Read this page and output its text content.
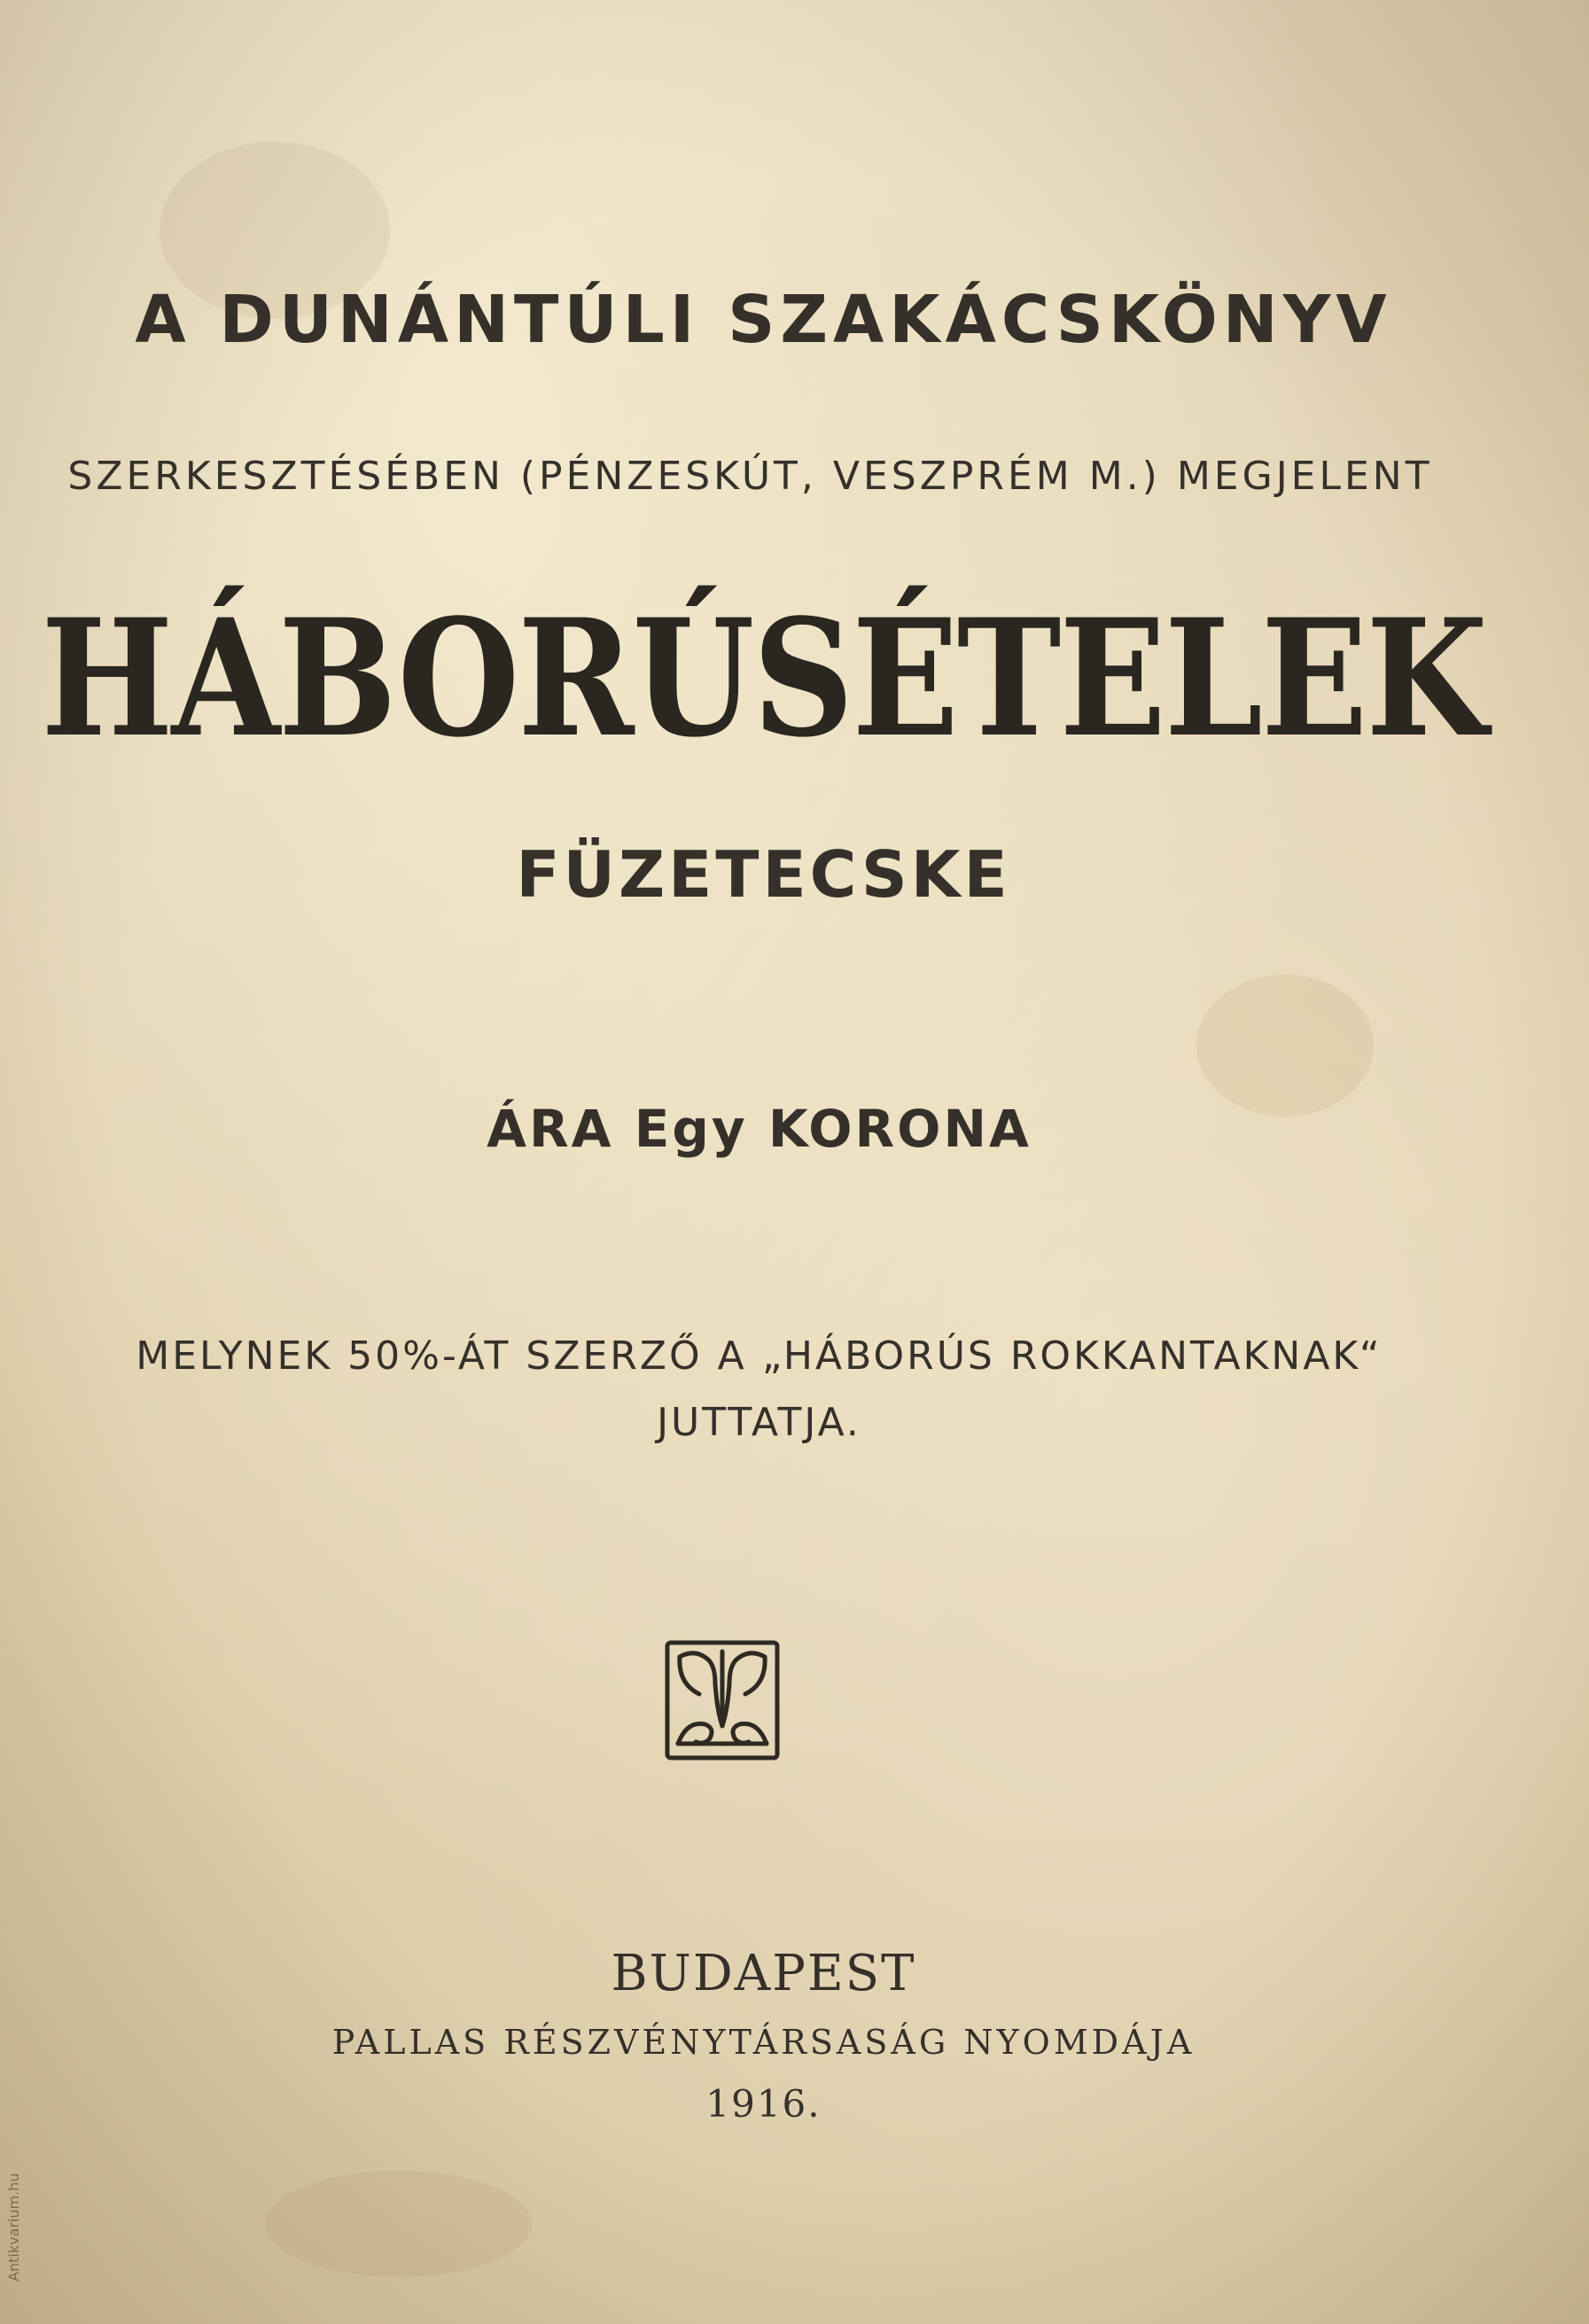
A DUNÁNTÚLI SZAKÁCSKÖNYV
SZERKESZTÉSÉBEN (PÉNZESKÚT, VESZPRÉM M.) MEGJELENT
HÁBORÚSÉTELEK
FÜZETECSKE
ÁRA Egy KORONA
MELYNEK 50%-ÁT SZERZŐ A „HÁBORÚS ROKKANTAKNAK“
JUTTATJA.
BUDAPEST
PALLAS RÉSZVÉNYTÁRSASÁG NYOMDÁJA
1916.
Antikvarium.hu
